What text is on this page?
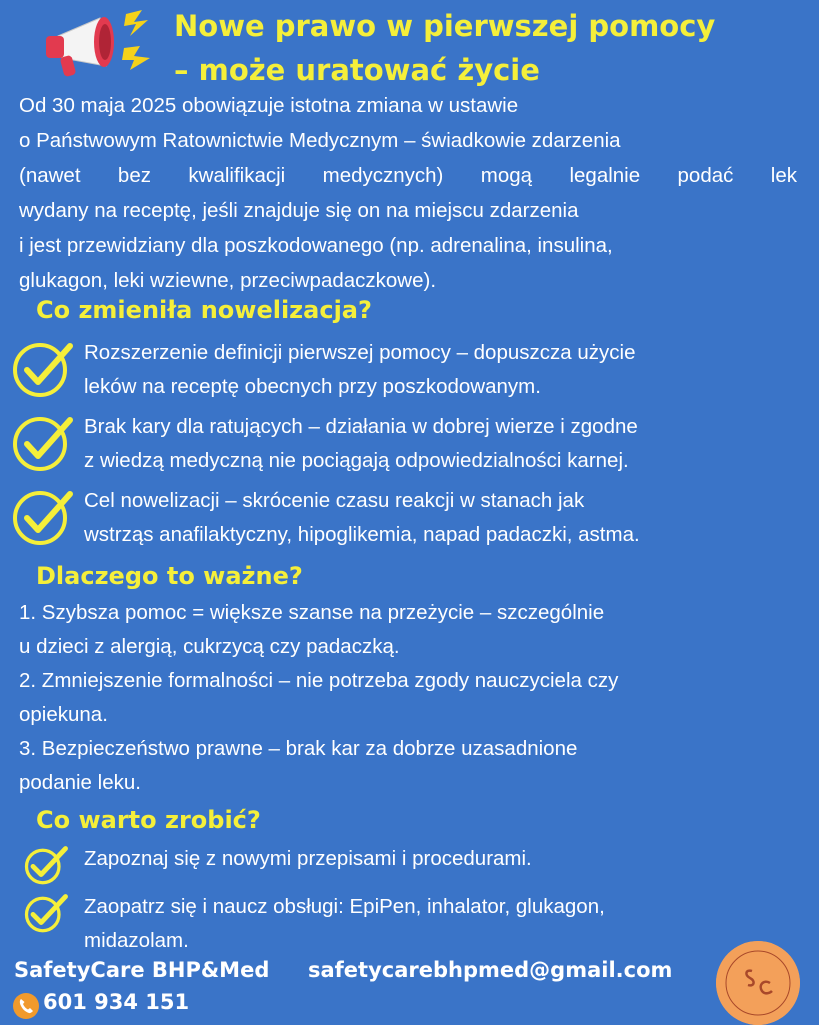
Nowe prawo w pierwszej pomocy
– może uratować życie
Od 30 maja 2025 obowiązuje istotna zmiana w ustawie
o Państwowym Ratownictwie Medycznym – świadkowie zdarzenia
(nawet bez kwalifikacji medycznych) mogą legalnie podać lek
wydany na receptę, jeśli znajduje się on na miejscu zdarzenia
i jest przewidziany dla poszkodowanego (np. adrenalina, insulina,
glukagon, leki wziewne, przeciwpadaczkowe).
Co zmieniła nowelizacja?
Rozszerzenie definicji pierwszej pomocy – dopuszcza użycie
leków na receptę obecnych przy poszkodowanym.
Brak kary dla ratujących – działania w dobrej wierze i zgodne
z wiedzą medyczną nie pociągają odpowiedzialności karnej.
Cel nowelizacji – skrócenie czasu reakcji w stanach jak
wstrząs anafilaktyczny, hipoglikemia, napad padaczki, astma.
Dlaczego to ważne?
1. Szybsza pomoc = większe szanse na przeżycie – szczególnie
u dzieci z alergią, cukrzycą czy padaczką.
2. Zmniejszenie formalności – nie potrzeba zgody nauczyciela czy
opiekuna.
3. Bezpieczeństwo prawne – brak kar za dobrze uzasadnione
podanie leku.
Co warto zrobić?
Zapoznaj się z nowymi przepisami i procedurami.
Zaopatrz się i naucz obsługi: EpiPen, inhalator, glukagon,
midazolam.
SafetyCare BHP&Med safetycarebhpmed@gmail.com
601 934 151
